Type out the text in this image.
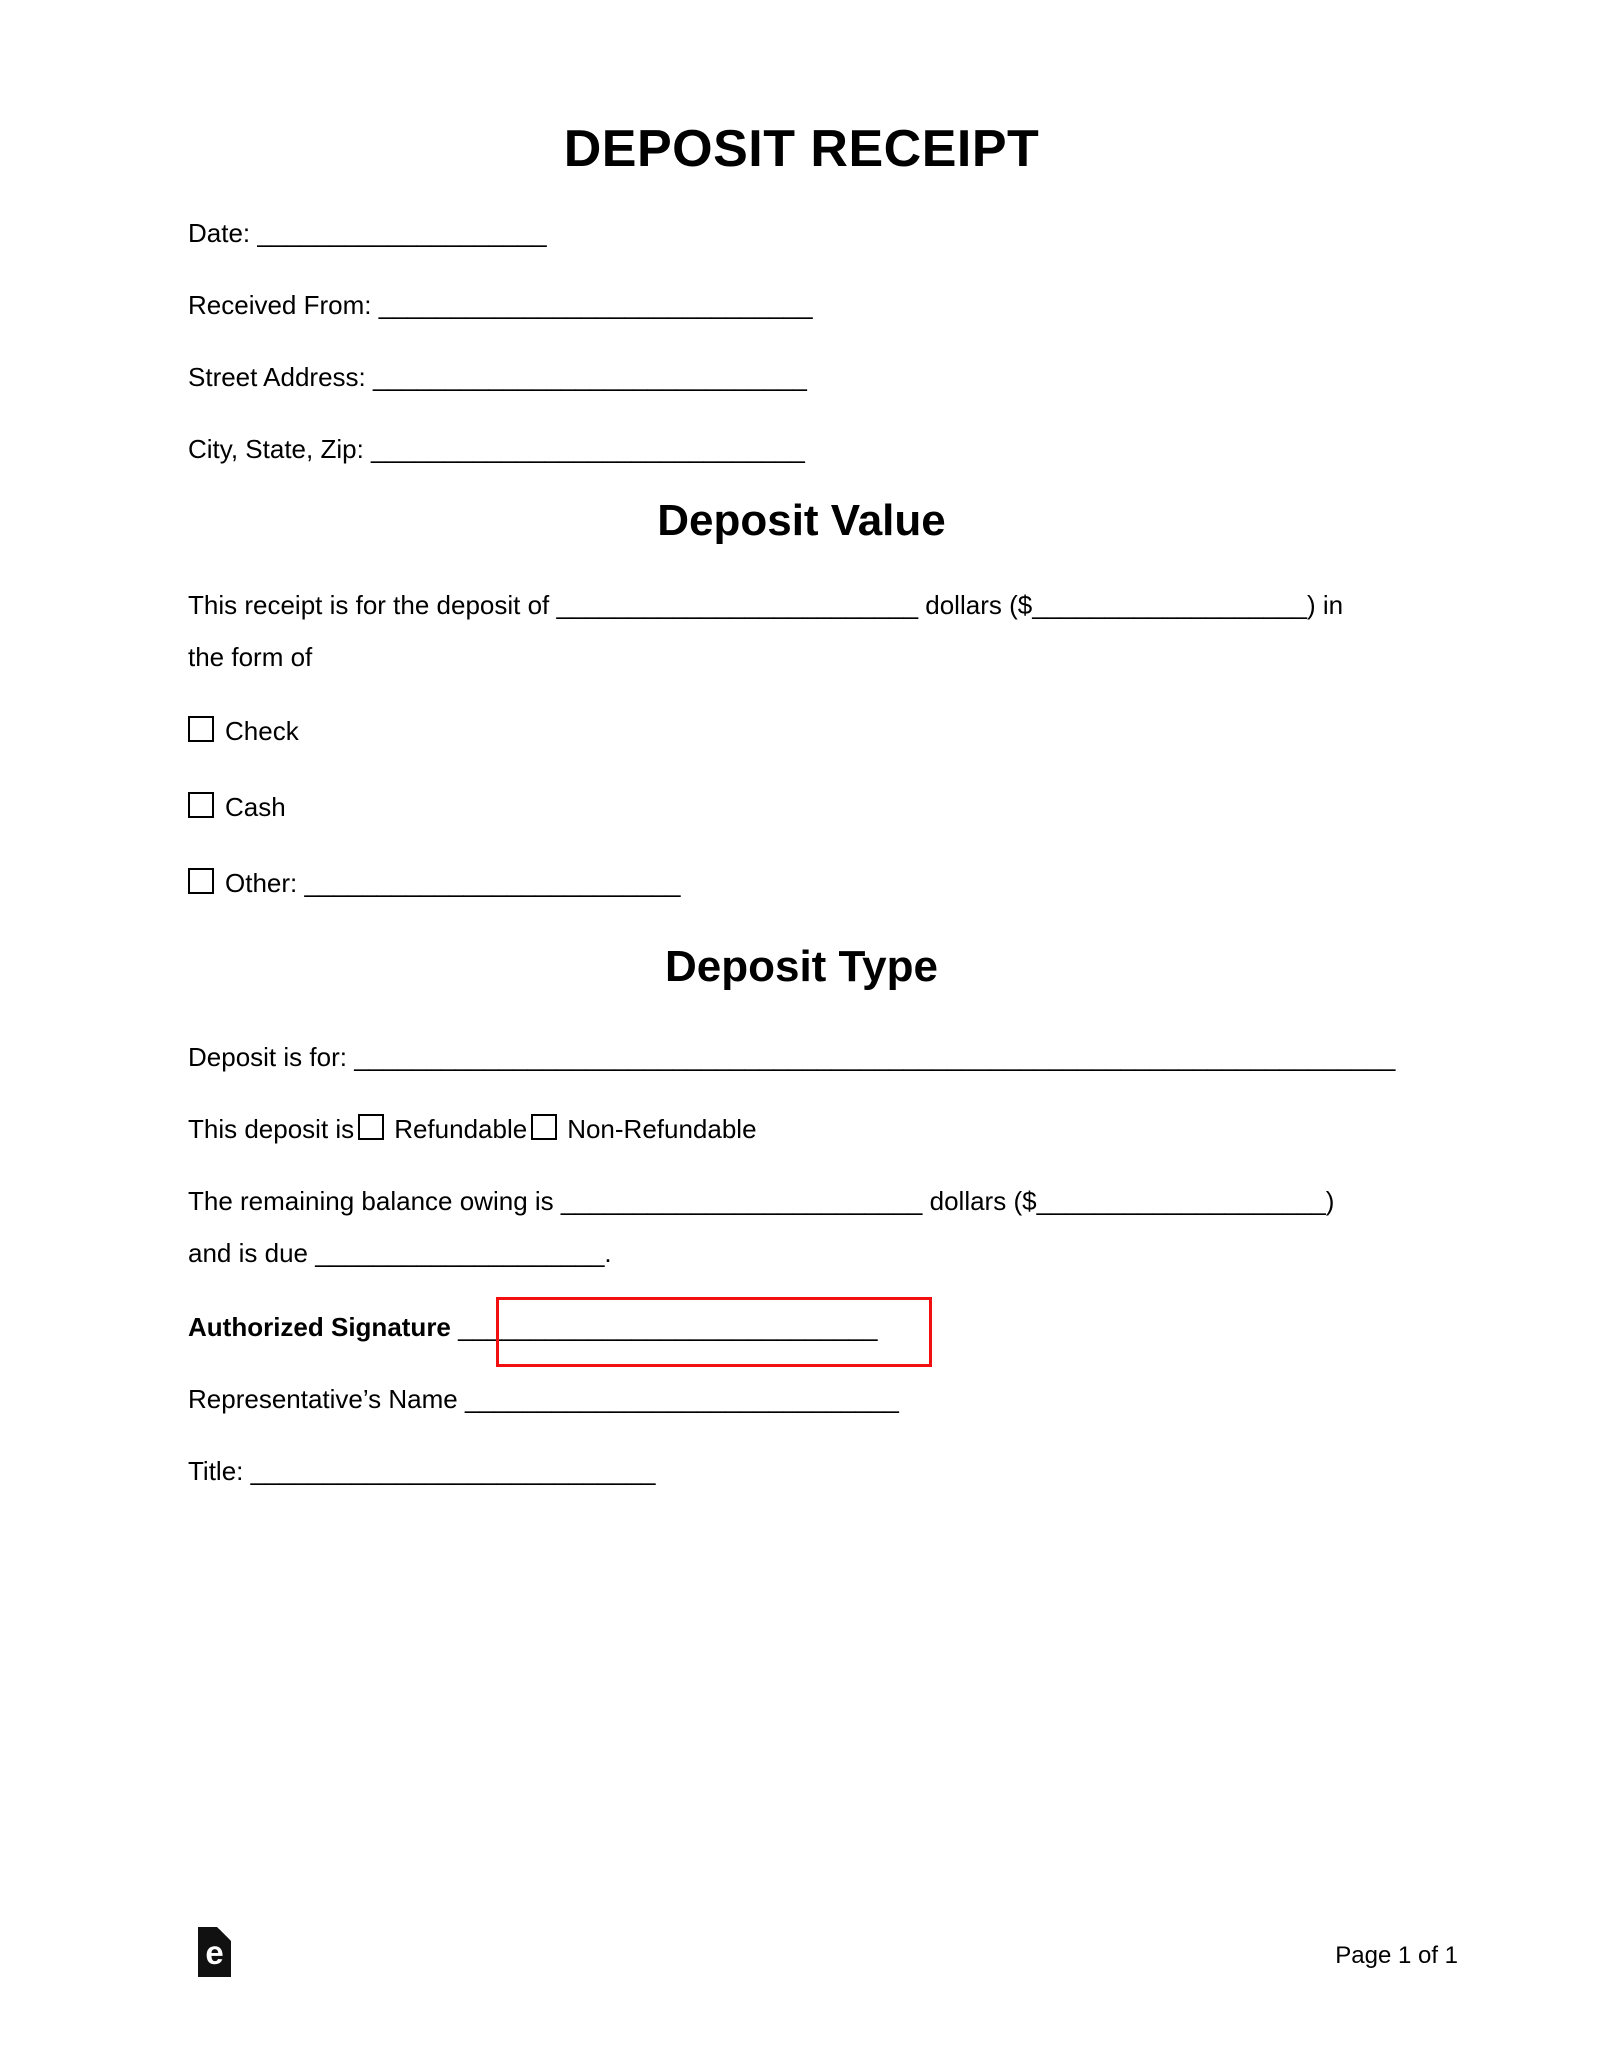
DEPOSIT RECEIPT

Date: ____________________

Received From: ______________________________

Street Address: ______________________________

City, State, Zip: ______________________________

Deposit Value

This receipt is for the deposit of _________________________ dollars ($___________________) in
the form of

Check

Cash

Other: __________________________

Deposit Type

Deposit is for: ________________________________________________________________________

This deposit is Refundable Non-Refundable

The remaining balance owing is _________________________ dollars ($____________________)
and is due ____________________.

Authorized Signature _____________________________

Representative’s Name ______________________________

Title: ____________________________

e	Page 1 of 1
